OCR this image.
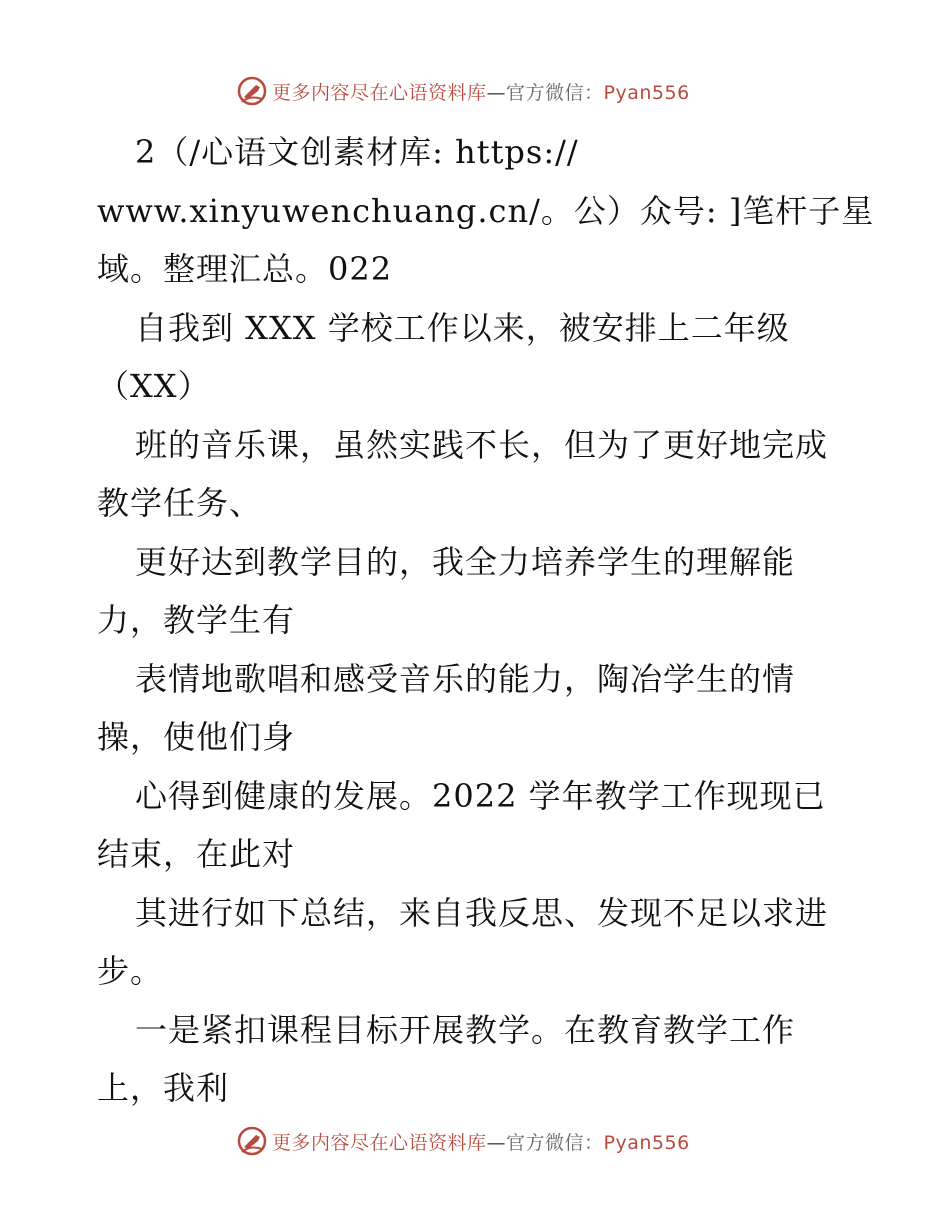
更多内容尽在心语资料库—官方微信：Pyan556
2（/心语文创素材库: https://
www.xinyuwenchuang.cn/。公）众号: ]笔杆子星
域。整理汇总。022
自我到 XXX 学校工作以来，被安排上二年级
（XX）
班的音乐课，虽然实践不长，但为了更好地完成
教学任务、
更好达到教学目的，我全力培养学生的理解能
力，教学生有
表情地歌唱和感受音乐的能力，陶冶学生的情
操，使他们身
心得到健康的发展。2022 学年教学工作现现已
结束，在此对
其进行如下总结，来自我反思、发现不足以求进
步。
一是紧扣课程目标开展教学。在教育教学工作
上，我利
更多内容尽在心语资料库—官方微信：Pyan556
